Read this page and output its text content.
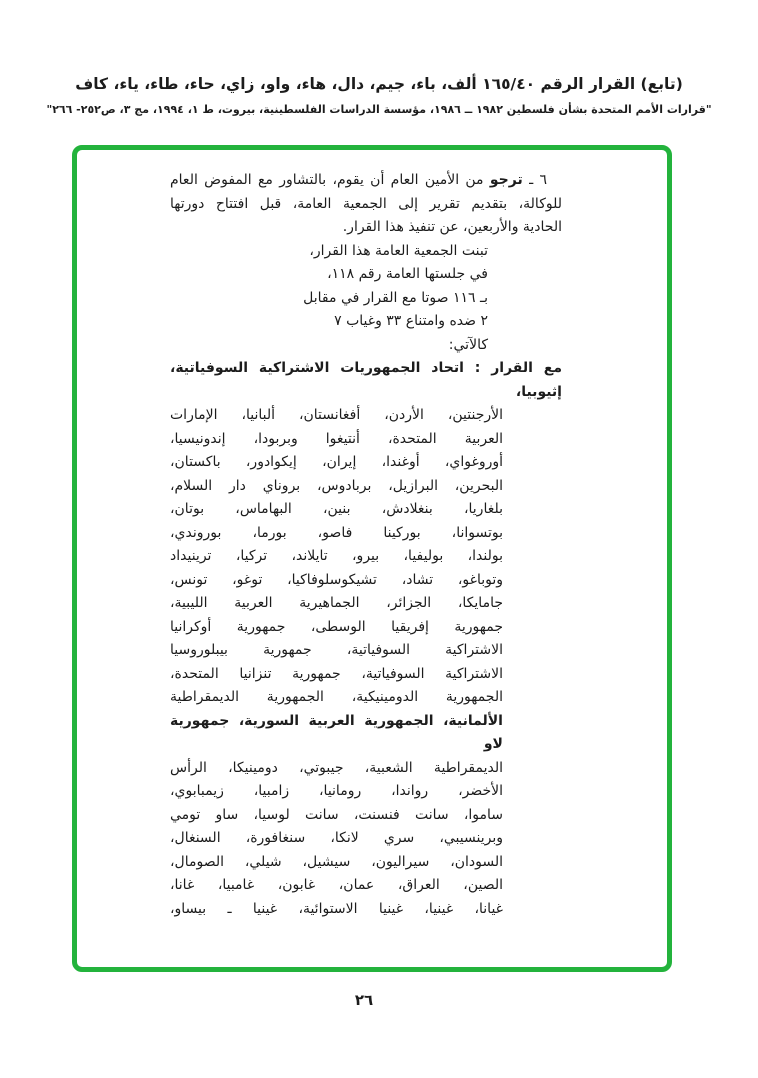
(تابع) القرار الرقم ١٦٥/٤٠ ألف، باء، جيم، دال، هاء، واو، زاي، حاء، طاء، ياء، كاف
"قرارات الأمم المتحدة بشأن فلسطين ١٩٨٢ ــ ١٩٨٦، مؤسسة الدراسات الفلسطينية، بيروت، ط ١، ١٩٩٤، مج ٣، ص٢٥٢- ٢٦٦"
٦ ـ ترجو من الأمين العام أن يقوم، بالتشاور مع المفوض العام
للوكالة، بتقديم تقرير إلى الجمعية العامة، قبل افتتاح دورتها
الحادية والأربعين، عن تنفيذ هذا القرار.
تبنت الجمعية العامة هذا القرار،
في جلستها العامة رقم ١١٨،
بـ ١١٦ صوتا مع القرار في مقابل
٢ ضده وامتناع ٣٣ وغياب ٧
كالآتي:
مع القرار : اتحاد الجمهوريات الاشتراكية السوفياتية، إثيوبيا،
الأرجنتين، الأردن، أفغانستان، ألبانيا، الإمارات
العربية المتحدة، أنتيغوا وبربودا، إندونيسيا،
أوروغواي، أوغندا، إيران، إيكوادور، باكستان،
البحرين، البرازيل، بربادوس، بروناي دار السلام،
بلغاريا، بنغلادش، بنين، البهاماس، بوتان،
بوتسوانا، بوركينا فاصو، بورما، بوروندي،
بولندا، بوليفيا، بيرو، تايلاند، تركيا، ترينيداد
وتوباغو، تشاد، تشيكوسلوفاكيا، توغو، تونس،
جامايكا، الجزائر، الجماهيرية العربية الليبية،
جمهورية إفريقيا الوسطى، جمهورية أوكرانيا
الاشتراكية السوفياتية، جمهورية بيبلوروسيا
الاشتراكية السوفياتية، جمهورية تنزانيا المتحدة،
الجمهورية الدومينيكية، الجمهورية الديمقراطية
الألمانية، الجمهورية العربية السورية، جمهورية لاو
الديمقراطية الشعبية، جيبوتي، دومينيكا، الرأس
الأخضر، رواندا، رومانيا، زامبيا، زيمبابوي،
ساموا، سانت فنسنت، سانت لوسيا، ساو تومي
وبرينسيبي، سري لانكا، سنغافورة، السنغال،
السودان، سيراليون، سيشيل، شيلي، الصومال،
الصين، العراق، عمان، غابون، غامبيا، غانا،
غيانا، غينيا، غينيا الاستوائية، غينيا ـ بيساو،
٢٦
